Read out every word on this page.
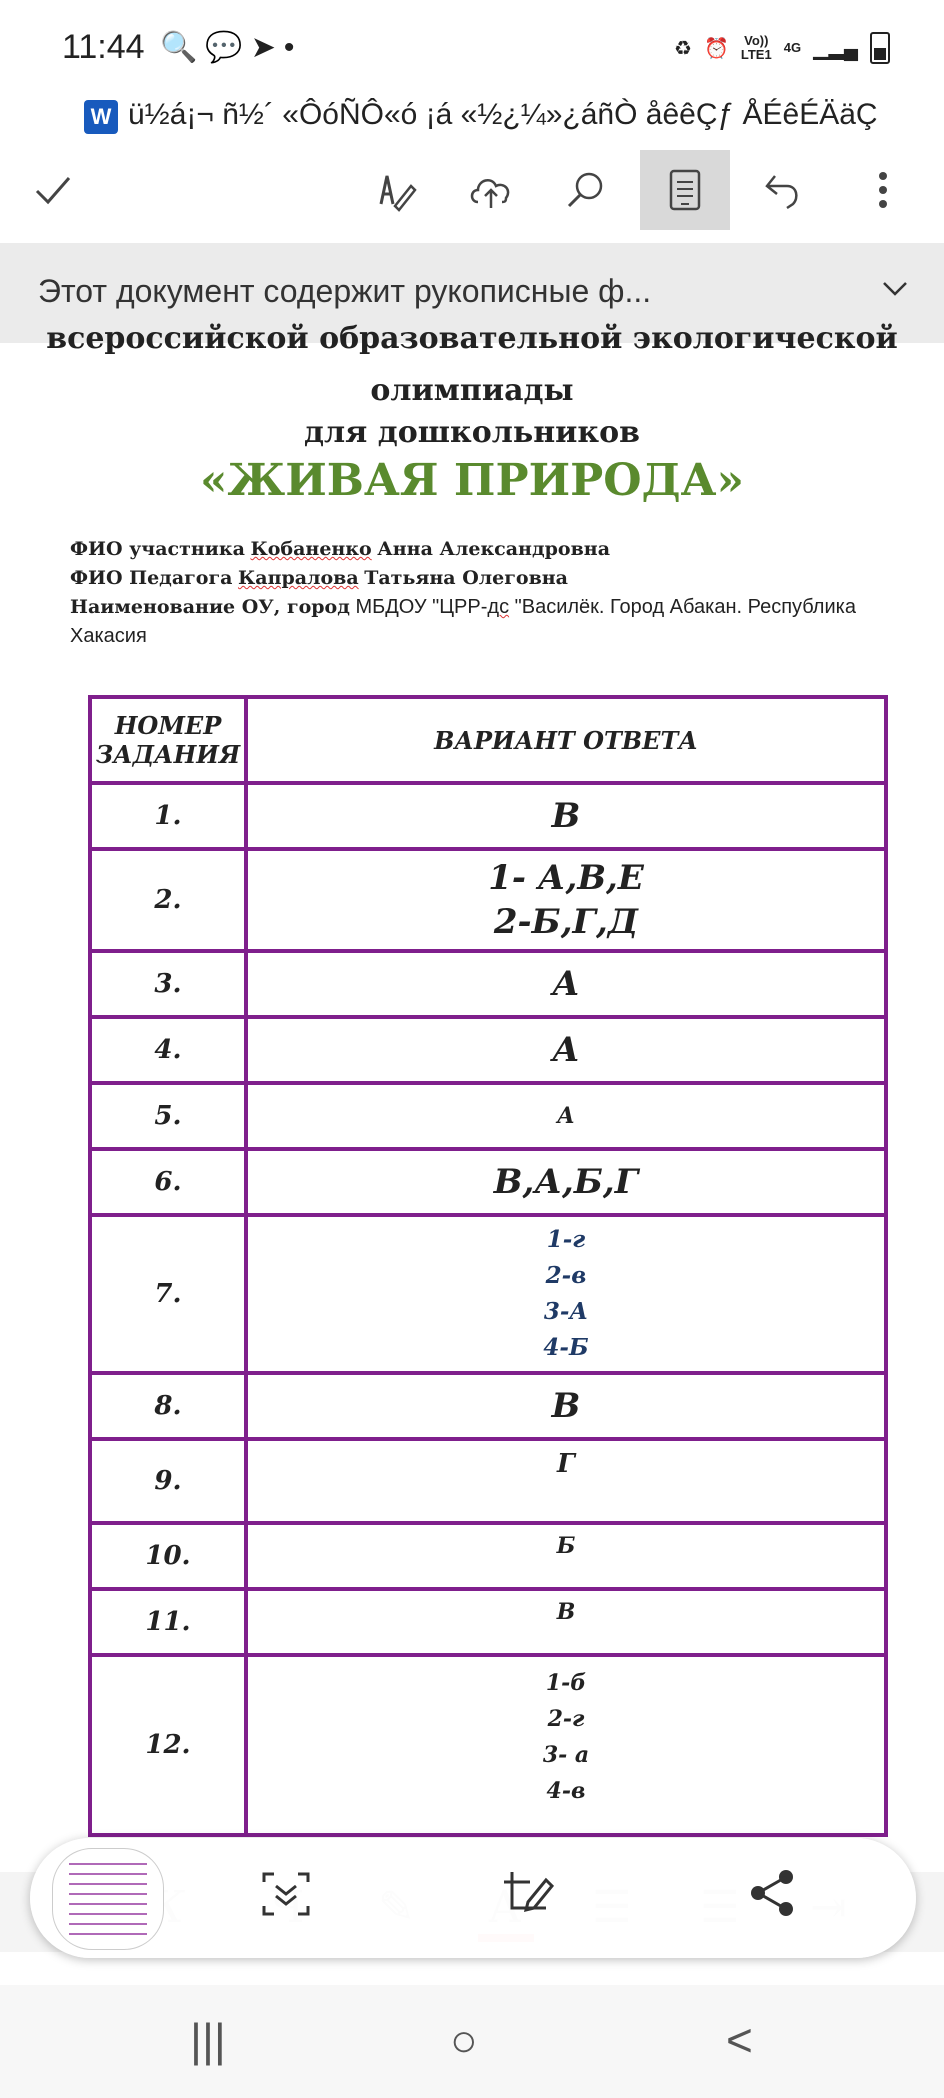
11:44 🔍💬➤•	♻ ⏰ Vo))
LTE1 4G ▁▂▄
W ü½á¡¬ ñ½´ «ÔóÑÔ«ó ¡á «½¿¼»¿áñÒ åêêÇƒ ÅÉêÉÄäÇ
Этот документ содержит рукописные ф...
всероссийской образовательной экологической
олимпиады
для дошкольников
«ЖИВАЯ ПРИРОДА»
ФИО участника Кобаненко Анна Александровна
ФИО Педагога Капралова Татьяна Олеговна
Наименование ОУ, город МБДОУ "ЦРР-дс "Василёк. Город Абакан. Республика Хакасия
НОМЕР
ЗАДАНИЯ	ВАРИАНТ ОТВЕТА
1.	В
2.	1- А,В,Е
2-Б,Г,Д
3.	А
4.	А
5.	А
6.	В,А,Б,Г
7.	1-г
2-в
3-А
4-Б
8.	В
9.	Г
10.	Б
11.	В
12.	1-б
2-г
3- а
4-в
|||	○	<
